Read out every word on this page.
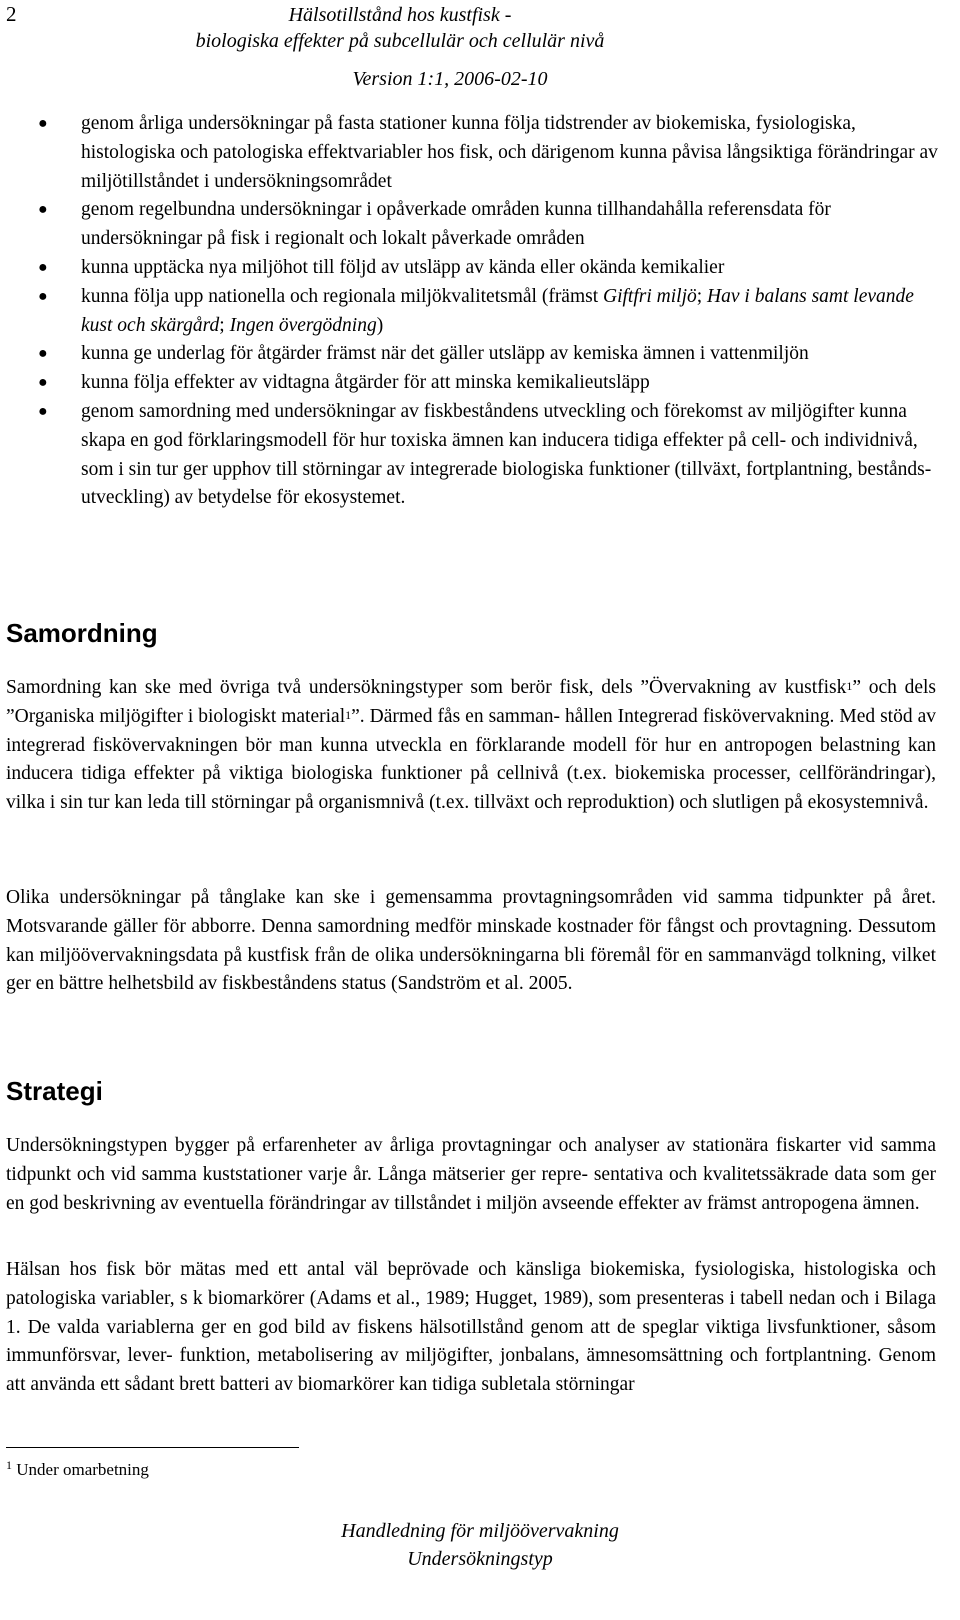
2	Hälsotillstånd hos kustfisk -
biologiska effekter på subcellulär och cellulär nivå
Version 1:1, 2006-02-10
● genom årliga undersökningar på fasta stationer kunna följa tidstrender av biokemiska, fysiologiska, histologiska och patologiska effektvariabler hos fisk, och därigenom kunna påvisa långsiktiga förändringar av miljötillståndet i undersökningsområdet
● genom regelbundna undersökningar i opåverkade områden kunna tillhandahålla referensdata för undersökningar på fisk i regionalt och lokalt påverkade områden
● kunna upptäcka nya miljöhot till följd av utsläpp av kända eller okända kemikalier
● kunna följa upp nationella och regionala miljökvalitetsmål (främst Giftfri miljö; Hav i balans samt levande kust och skärgård; Ingen övergödning)
● kunna ge underlag för åtgärder främst när det gäller utsläpp av kemiska ämnen i vattenmiljön
● kunna följa effekter av vidtagna åtgärder för att minska kemikalieutsläpp
● genom samordning med undersökningar av fiskbeståndens utveckling och förekomst av miljögifter kunna skapa en god förklaringsmodell för hur toxiska ämnen kan inducera tidiga effekter på cell- och individnivå, som i sin tur ger upphov till störningar av integrerade biologiska funktioner (tillväxt, fortplantning, bestånds- utveckling) av betydelse för ekosystemet.
Samordning

Samordning kan ske med övriga två undersökningstyper som berör fisk, dels ”Övervakning av kustfisk$^1$” och dels ”Organiska miljögifter i biologiskt material$^1$”. Därmed fås en samman- hållen Integrerad fiskövervakning. Med stöd av integrerad fiskövervakningen bör man kunna utveckla en förklarande modell för hur en antropogen belastning kan inducera tidiga effekter på viktiga biologiska funktioner på cellnivå (t.ex. biokemiska processer, cellförändringar), vilka i sin tur kan leda till störningar på organismnivå (t.ex. tillväxt och reproduktion) och slutligen på ekosystemnivå.

Olika undersökningar på tånglake kan ske i gemensamma provtagningsområden vid samma tidpunkter på året. Motsvarande gäller för abborre. Denna samordning medför minskade kostnader för fångst och provtagning. Dessutom kan miljöövervakningsdata på kustfisk från de olika undersökningarna bli föremål för en sammanvägd tolkning, vilket ger en bättre helhetsbild av fiskbeståndens status (Sandström et al. 2005.

Strategi

Undersökningstypen bygger på erfarenheter av årliga provtagningar och analyser av stationära fiskarter vid samma tidpunkt och vid samma kuststationer varje år. Långa mätserier ger repre- sentativa och kvalitetssäkrade data som ger en god beskrivning av eventuella förändringar av tillståndet i miljön avseende effekter av främst antropogena ämnen.

Hälsan hos fisk bör mätas med ett antal väl beprövade och känsliga biokemiska, fysiologiska, histologiska och patologiska variabler, s k biomarkörer (Adams et al., 1989; Hugget, 1989), som presenteras i tabell nedan och i Bilaga 1. De valda variablerna ger en god bild av fiskens hälsotillstånd genom att de speglar viktiga livsfunktioner, såsom immunförsvar, lever- funktion, metabolisering av miljögifter, jonbalans, ämnesomsättning och fortplantning. Genom att använda ett sådant brett batteri av biomarkörer kan tidiga subletala störningar

$^1$ Under omarbetning
Handledning för miljöövervakning
Undersökningstyp
